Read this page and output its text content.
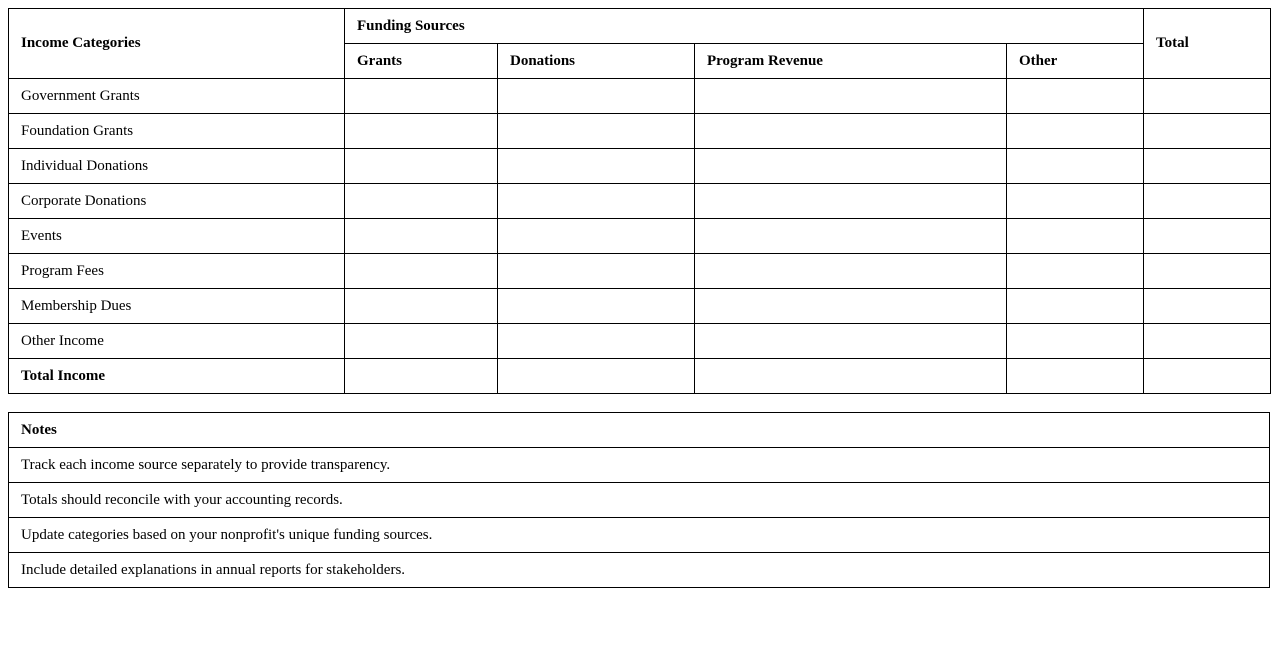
Income Categories	Funding Sources				Total
	Grants	Donations	Program Revenue	Other	
Government Grants					
Foundation Grants					
Individual Donations					
Corporate Donations					
Events					
Program Fees					
Membership Dues					
Other Income					
Total Income					
Notes
Track each income source separately to provide transparency.
Totals should reconcile with your accounting records.
Update categories based on your nonprofit's unique funding sources.
Include detailed explanations in annual reports for stakeholders.
